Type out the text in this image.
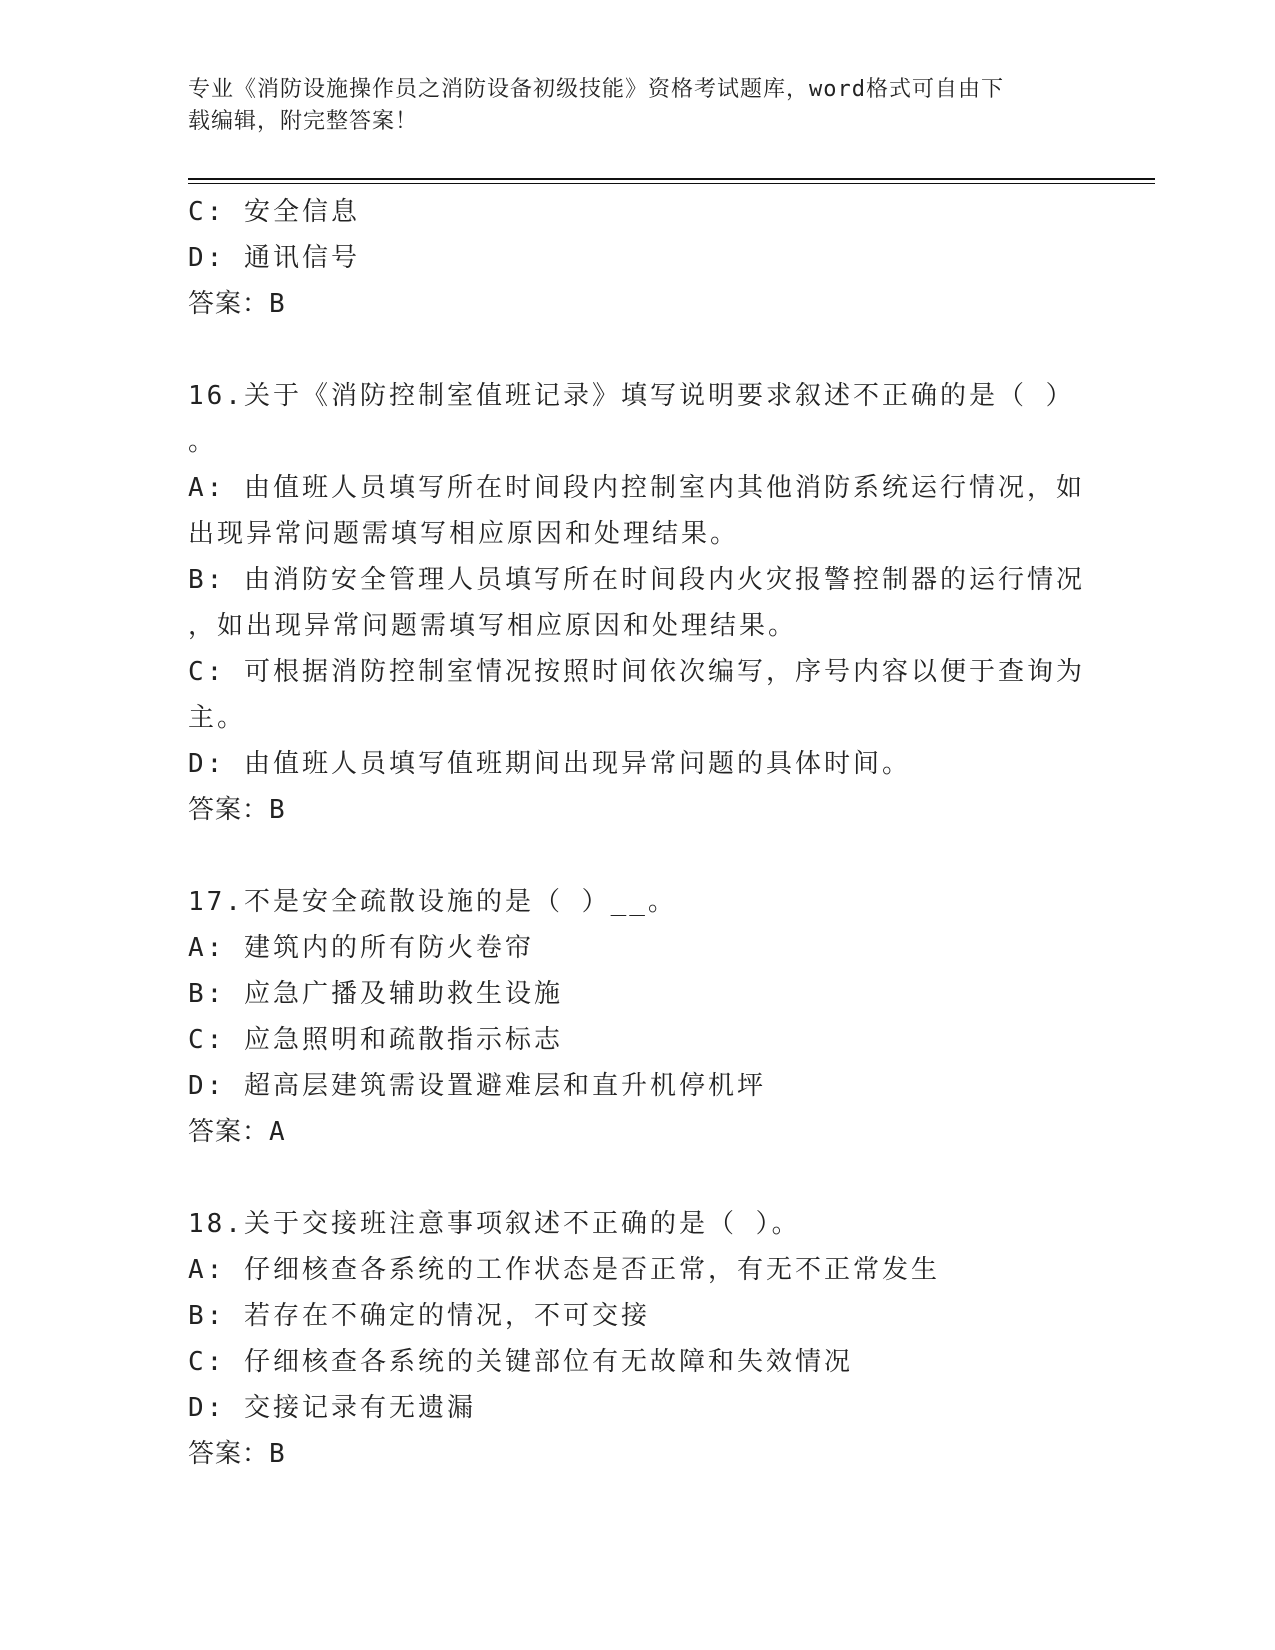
专业《消防设施操作员之消防设备初级技能》资格考试题库，word格式可自由下
载编辑，附完整答案！
C: 安全信息
D: 通讯信号
答案：B
16.关于《消防控制室值班记录》填写说明要求叙述不正确的是（ ）
。
A: 由值班人员填写所在时间段内控制室内其他消防系统运行情况，如
出现异常问题需填写相应原因和处理结果。
B: 由消防安全管理人员填写所在时间段内火灾报警控制器的运行情况
，如出现异常问题需填写相应原因和处理结果。
C: 可根据消防控制室情况按照时间依次编写，序号内容以便于查询为
主。
D: 由值班人员填写值班期间出现异常问题的具体时间。
答案：B
17.不是安全疏散设施的是（ ）__。
A: 建筑内的所有防火卷帘
B: 应急广播及辅助救生设施
C: 应急照明和疏散指示标志
D: 超高层建筑需设置避难层和直升机停机坪
答案：A
18.关于交接班注意事项叙述不正确的是（ ）。
A: 仔细核查各系统的工作状态是否正常，有无不正常发生
B: 若存在不确定的情况，不可交接
C: 仔细核查各系统的关键部位有无故障和失效情况
D: 交接记录有无遗漏
答案：B
